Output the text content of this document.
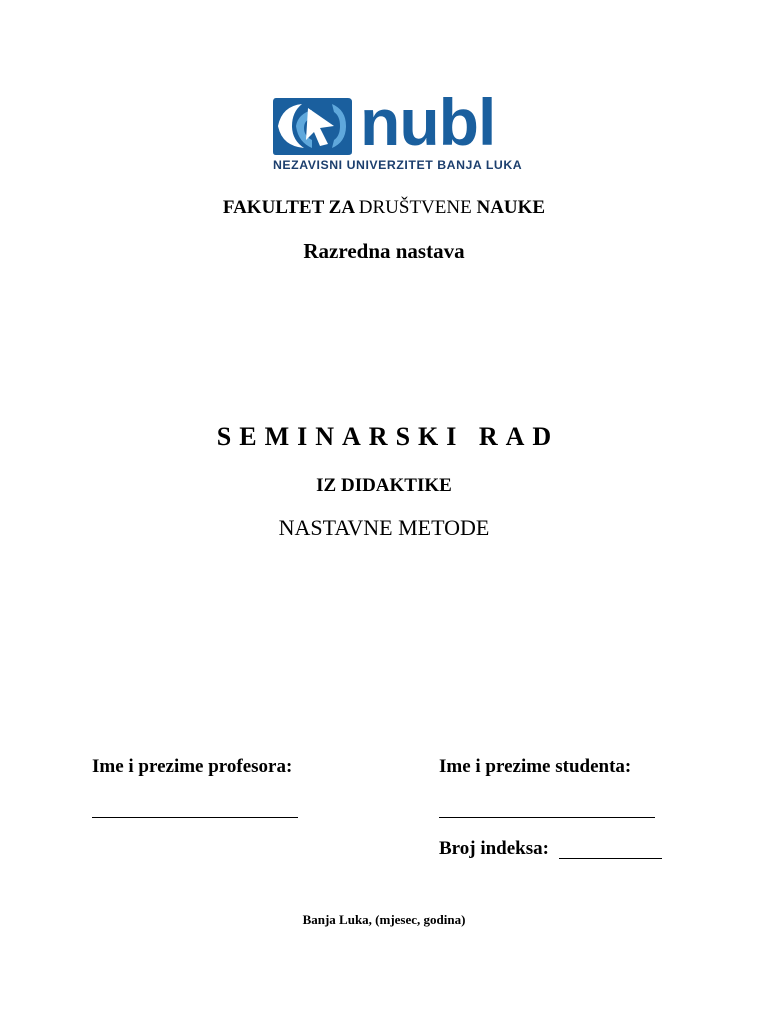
nubl
NEZAVISNI UNIVERZITET BANJA LUKA
FAKULTET ZA DRUŠTVENE NAUKE
Razredna nastava
SEMINARSKI RAD
IZ DIDAKTIKE
NASTAVNE METODE
Ime i prezime profesora:	Ime i prezime studenta:
Broj indeksa:
Banja Luka, (mjesec, godina)
